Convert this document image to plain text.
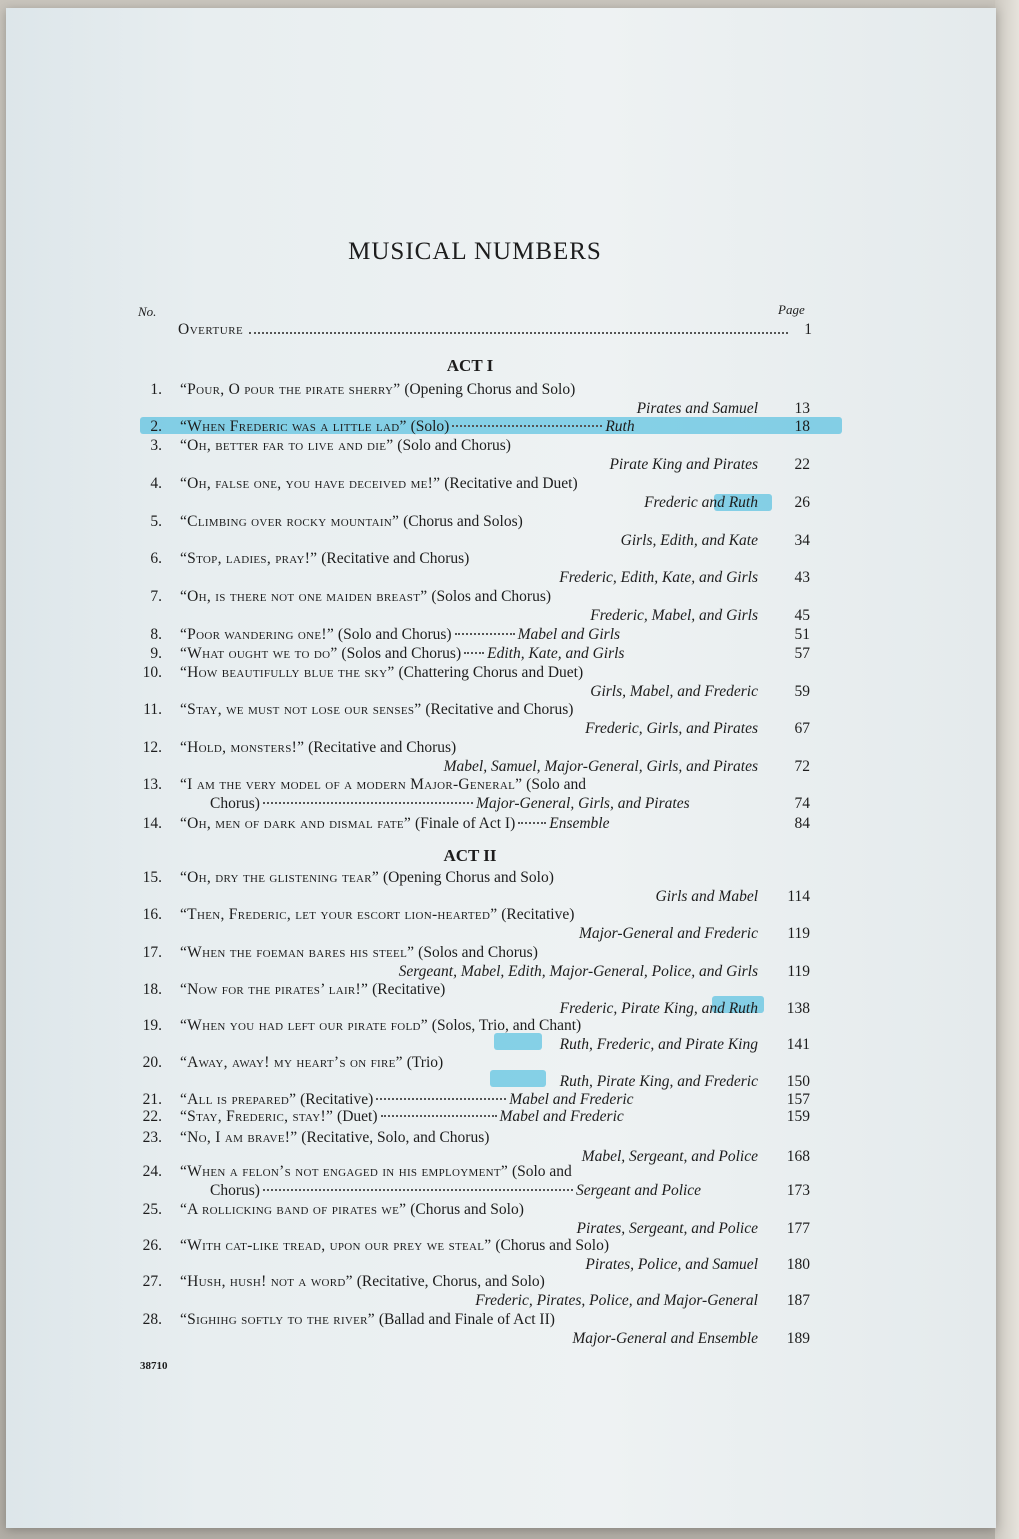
MUSICAL NUMBERS
No.	Page
Overture	1
ACT I
ACT II
1. “Pour, O pour the pirate sherry” (Opening Chorus and Solo)
Pirates and Samuel	13
2. “When Frederic was a little lad” (Solo)	Ruth	18
3. “Oh, better far to live and die” (Solo and Chorus)
Pirate King and Pirates	22
4. “Oh, false one, you have deceived me!” (Recitative and Duet)
Frederic and Ruth	26
5. “Climbing over rocky mountain” (Chorus and Solos)
Girls, Edith, and Kate	34
6. “Stop, ladies, pray!” (Recitative and Chorus)
Frederic, Edith, Kate, and Girls	43
7. “Oh, is there not one maiden breast” (Solos and Chorus)
Frederic, Mabel, and Girls	45
8. “Poor wandering one!” (Solo and Chorus)	Mabel and Girls	51
9. “What ought we to do” (Solos and Chorus) Edith, Kate, and Girls	57
10. “How beautifully blue the sky” (Chattering Chorus and Duet)
Girls, Mabel, and Frederic	59
11. “Stay, we must not lose our senses” (Recitative and Chorus)
Frederic, Girls, and Pirates	67
12. “Hold, monsters!” (Recitative and Chorus)
Mabel, Samuel, Major-General, Girls, and Pirates	72
13. “I am the very model of a modern Major-General” (Solo and
Chorus)	Major-General, Girls, and Pirates	74
14. “Oh, men of dark and dismal fate” (Finale of Act I) Ensemble	84
15. “Oh, dry the glistening tear” (Opening Chorus and Solo)
Girls and Mabel	114
16. “Then, Frederic, let your escort lion-hearted” (Recitative)
Major-General and Frederic	119
17. “When the foeman bares his steel” (Solos and Chorus)
Sergeant, Mabel, Edith, Major-General, Police, and Girls	119
18. “Now for the pirates’ lair!” (Recitative)
Frederic, Pirate King, and Ruth	138
19. “When you had left our pirate fold” (Solos, Trio, and Chant)
Ruth, Frederic, and Pirate King	141
20. “Away, away! my heart’s on fire” (Trio)
Ruth, Pirate King, and Frederic	150
21. “All is prepared” (Recitative)	Mabel and Frederic	157
22. “Stay, Frederic, stay!” (Duet)	Mabel and Frederic	159
23. “No, I am brave!” (Recitative, Solo, and Chorus)
Mabel, Sergeant, and Police	168
24. “When a felon’s not engaged in his employment” (Solo and
Chorus)	Sergeant and Police	173
25. “A rollicking band of pirates we” (Chorus and Solo)
Pirates, Sergeant, and Police	177
26. “With cat-like tread, upon our prey we steal” (Chorus and Solo)
Pirates, Police, and Samuel	180
27. “Hush, hush! not a word” (Recitative, Chorus, and Solo)
Frederic, Pirates, Police, and Major-General	187
28. “Sighihg softly to the river” (Ballad and Finale of Act II)
Major-General and Ensemble	189
38710
